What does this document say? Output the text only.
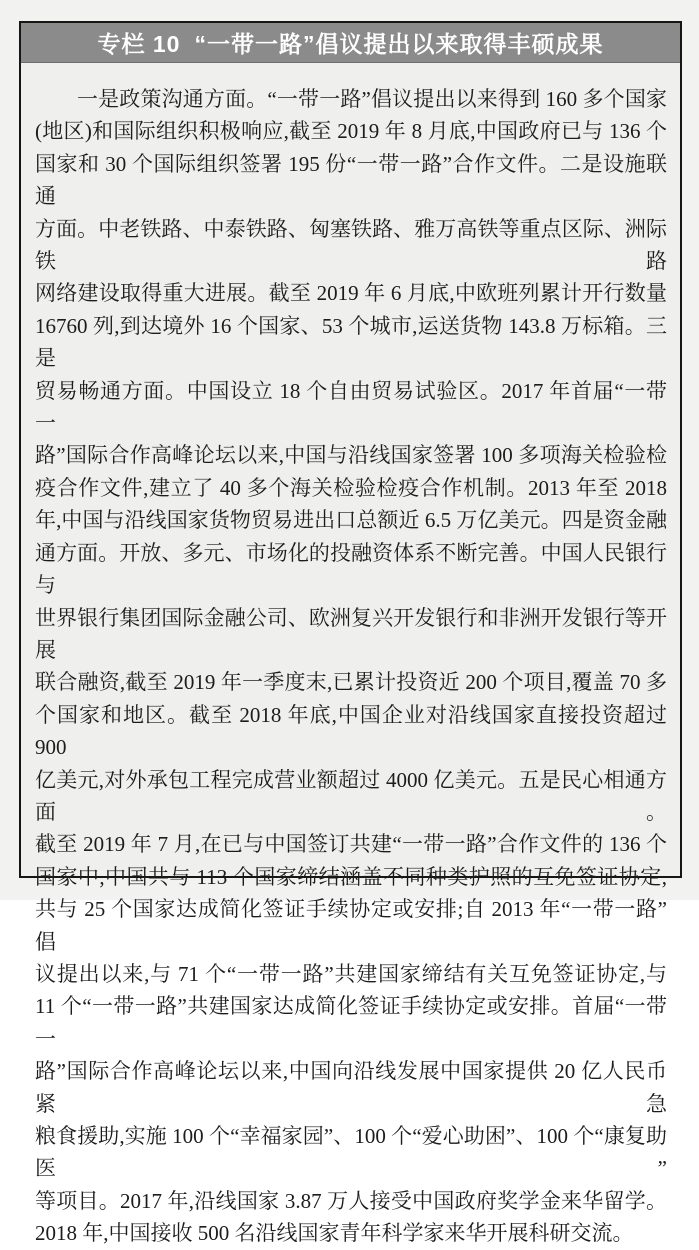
专栏 10 “一带一路”倡议提出以来取得丰硕成果
一是政策沟通方面。“一带一路”倡议提出以来得到 160 多个国家
(地区)和国际组织积极响应,截至 2019 年 8 月底,中国政府已与 136 个
国家和 30 个国际组织签署 195 份“一带一路”合作文件。二是设施联通
方面。中老铁路、中泰铁路、匈塞铁路、雅万高铁等重点区际、洲际铁路
网络建设取得重大进展。截至 2019 年 6 月底,中欧班列累计开行数量
16760 列,到达境外 16 个国家、53 个城市,运送货物 143.8 万标箱。三是
贸易畅通方面。中国设立 18 个自由贸易试验区。2017 年首届“一带一
路”国际合作高峰论坛以来,中国与沿线国家签署 100 多项海关检验检
疫合作文件,建立了 40 多个海关检验检疫合作机制。2013 年至 2018
年,中国与沿线国家货物贸易进出口总额近 6.5 万亿美元。四是资金融
通方面。开放、多元、市场化的投融资体系不断完善。中国人民银行与
世界银行集团国际金融公司、欧洲复兴开发银行和非洲开发银行等开展
联合融资,截至 2019 年一季度末,已累计投资近 200 个项目,覆盖 70 多
个国家和地区。截至 2018 年底,中国企业对沿线国家直接投资超过 900
亿美元,对外承包工程完成营业额超过 4000 亿美元。五是民心相通方面。
截至 2019 年 7 月,在已与中国签订共建“一带一路”合作文件的 136 个
国家中,中国共与 113 个国家缔结涵盖不同种类护照的互免签证协定,
共与 25 个国家达成简化签证手续协定或安排;自 2013 年“一带一路”倡
议提出以来,与 71 个“一带一路”共建国家缔结有关互免签证协定,与
11 个“一带一路”共建国家达成简化签证手续协定或安排。首届“一带一
路”国际合作高峰论坛以来,中国向沿线发展中国家提供 20 亿人民币紧急
粮食援助,实施 100 个“幸福家园”、100 个“爱心助困”、100 个“康复助医”
等项目。2017 年,沿线国家 3.87 万人接受中国政府奖学金来华留学。
2018 年,中国接收 500 名沿线国家青年科学家来华开展科研交流。
